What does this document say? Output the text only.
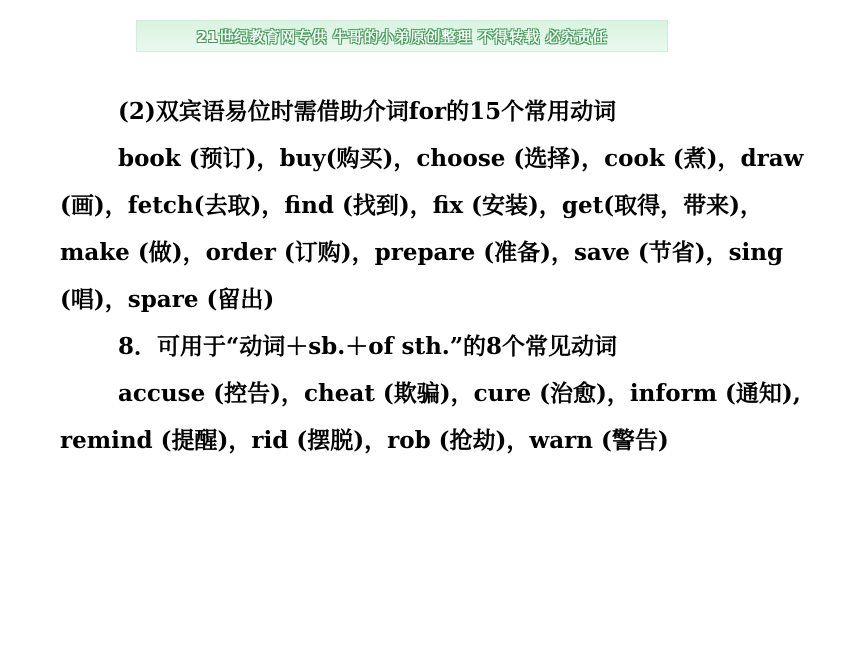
21世纪教育网专供 牛哥的小弟原创整理 不得转载 必究责任

(2)双宾语易位时需借助介词for的15个常用动词

book (预订)，buy(购买)，choose (选择)，cook (煮)，draw (画)，fetch(去取)，find (找到)，fix (安装)，get(取得，带来)，make (做)，order (订购)，prepare (准备)，save (节省)，sing (唱)，spare (留出)

8．可用于“动词＋sb.＋of sth.”的8个常见动词

accuse (控告)，cheat (欺骗)，cure (治愈)，inform (通知), remind (提醒)，rid (摆脱)，rob (抢劫)，warn (警告)
